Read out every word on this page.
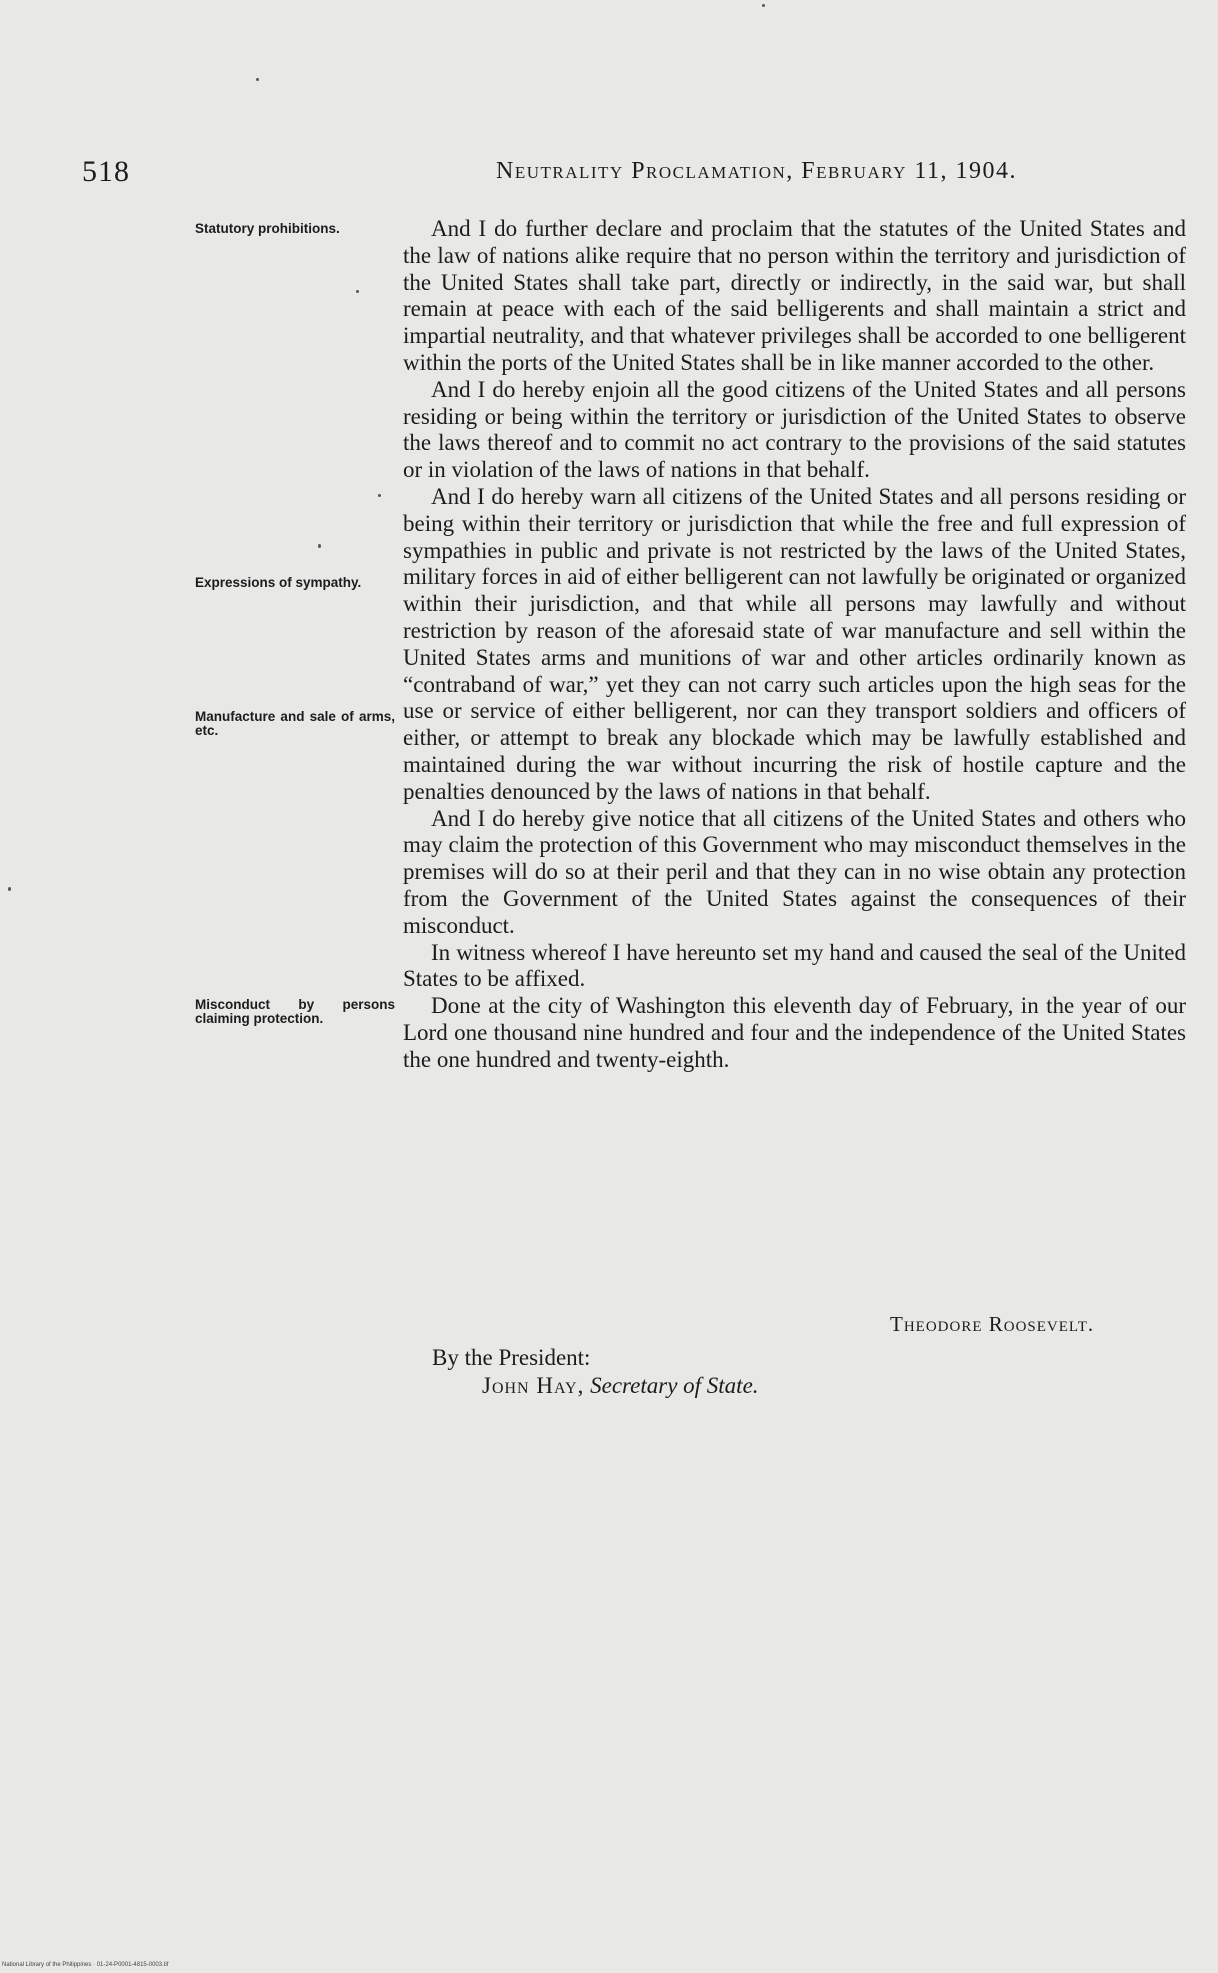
518	Neutrality Proclamation, February 11, 1904.
Statutory prohibitions.
Expressions of sympathy.
Manufacture and sale of arms, etc.
Misconduct by persons claiming protection.

And I do further declare and proclaim that the statutes of the United States and the law of nations alike require that no person within the territory and jurisdiction of the United States shall take part, directly or indirectly, in the said war, but shall remain at peace with each of the said belligerents and shall maintain a strict and impartial neutrality, and that whatever privileges shall be accorded to one belligerent within the ports of the United States shall be in like manner accorded to the other.

And I do hereby enjoin all the good citizens of the United States and all persons residing or being within the territory or jurisdiction of the United States to observe the laws thereof and to commit no act contrary to the provisions of the said statutes or in violation of the laws of nations in that behalf.

And I do hereby warn all citizens of the United States and all persons residing or being within their territory or jurisdiction that while the free and full expression of sympathies in public and private is not restricted by the laws of the United States, military forces in aid of either belligerent can not lawfully be originated or organized within their jurisdiction, and that while all persons may lawfully and without restriction by reason of the aforesaid state of war manufacture and sell within the United States arms and munitions of war and other articles ordinarily known as “contraband of war,” yet they can not carry such articles upon the high seas for the use or service of either belligerent, nor can they transport soldiers and officers of either, or attempt to break any blockade which may be lawfully established and maintained during the war without incurring the risk of hostile capture and the penalties denounced by the laws of nations in that behalf.

And I do hereby give notice that all citizens of the United States and others who may claim the protection of this Government who may misconduct themselves in the premises will do so at their peril and that they can in no wise obtain any protection from the Government of the United States against the consequences of their misconduct.

In witness whereof I have hereunto set my hand and caused the seal of the United States to be affixed.

Done at the city of Washington this eleventh day of February, in the year of our Lord one thousand nine hundred and four and the independence of the United States the one hundred and twenty-eighth.

Theodore Roosevelt.
By the President:
John Hay, Secretary of State.
National Library of the Philippines · 01-24-P0001-4815-0003.tif
